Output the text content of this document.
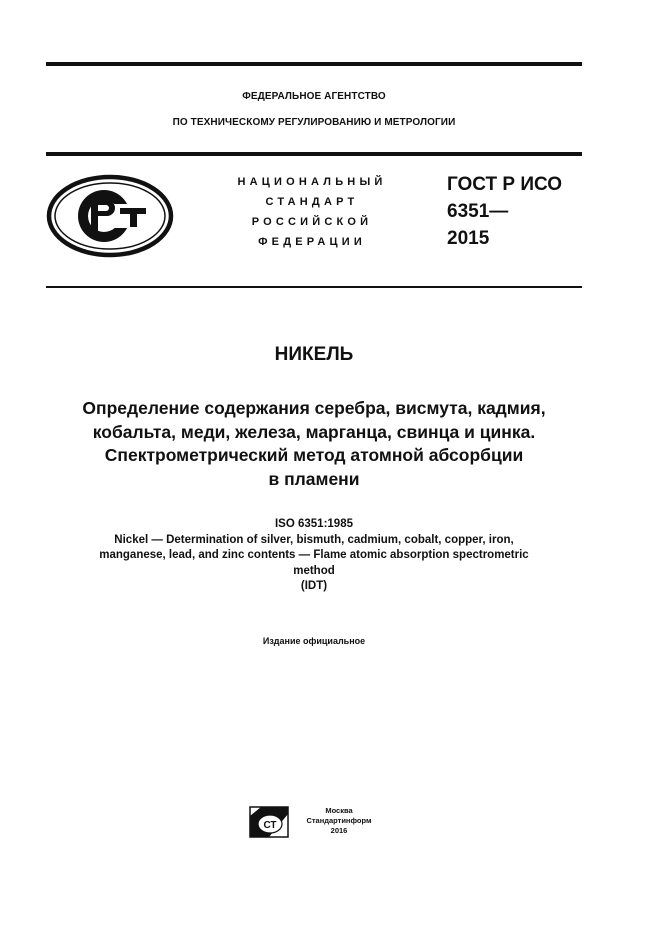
ФЕДЕРАЛЬНОЕ АГЕНТСТВО
ПО ТЕХНИЧЕСКОМУ РЕГУЛИРОВАНИЮ И МЕТРОЛОГИИ
НАЦИОНАЛЬНЫЙ
СТАНДАРТ
РОССИЙСКОЙ
ФЕДЕРАЦИИ
ГОСТ Р ИСО
6351—
2015
НИКЕЛЬ
Определение содержания серебра, висмута, кадмия,
кобальта, меди, железа, марганца, свинца и цинка.
Спектрометрический метод атомной абсорбции
в пламени
ISO 6351:1985
Nickel — Determination of silver, bismuth, cadmium, cobalt, copper, iron,
manganese, lead, and zinc contents — Flame atomic absorption spectrometric
method
(IDT)
Издание официальное
СТ
Москва
Стандартинформ
2016
